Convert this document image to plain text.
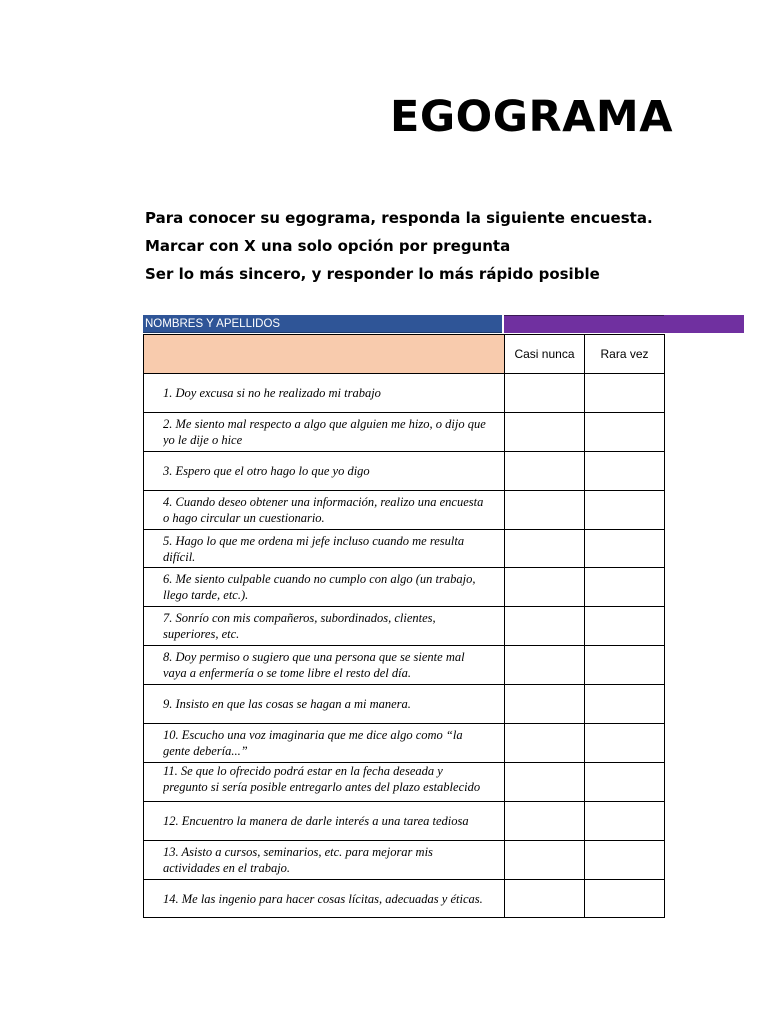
EGOGRAMA
Para conocer su egograma, responda la siguiente encuesta.
Marcar con X una solo opción por pregunta
Ser lo más sincero, y responder lo más rápido posible
NOMBRES Y APELLIDOS
	Casi nunca	Rara vez

1. Doy excusa si no he realizado mi trabajo		

2. Me siento mal respecto a algo que alguien me hizo, o dijo que yo le dije o hice		

3. Espero que el otro hago lo que yo digo		

4. Cuando deseo obtener una información, realizo una encuesta o hago circular un cuestionario.		

5. Hago lo que me ordena mi jefe incluso cuando me resulta difícil.		

6. Me siento culpable cuando no cumplo con algo (un trabajo, llego tarde, etc.).		

7. Sonrío con mis compañeros, subordinados, clientes, superiores, etc.		

8. Doy permiso o sugiero que una persona que se siente mal vaya a enfermería o se tome libre el resto del día.		

9. Insisto en que las cosas se hagan a mi manera.		

10. Escucho una voz imaginaria que me dice algo como “la gente debería...”		

11. Se que lo ofrecido podrá estar en la fecha deseada y pregunto si sería posible entregarlo antes del plazo establecido		

12. Encuentro la manera de darle interés a una tarea tediosa		

13. Asisto a cursos, seminarios, etc. para mejorar mis actividades en el trabajo.		

14. Me las ingenio para hacer cosas lícitas, adecuadas y éticas.		
